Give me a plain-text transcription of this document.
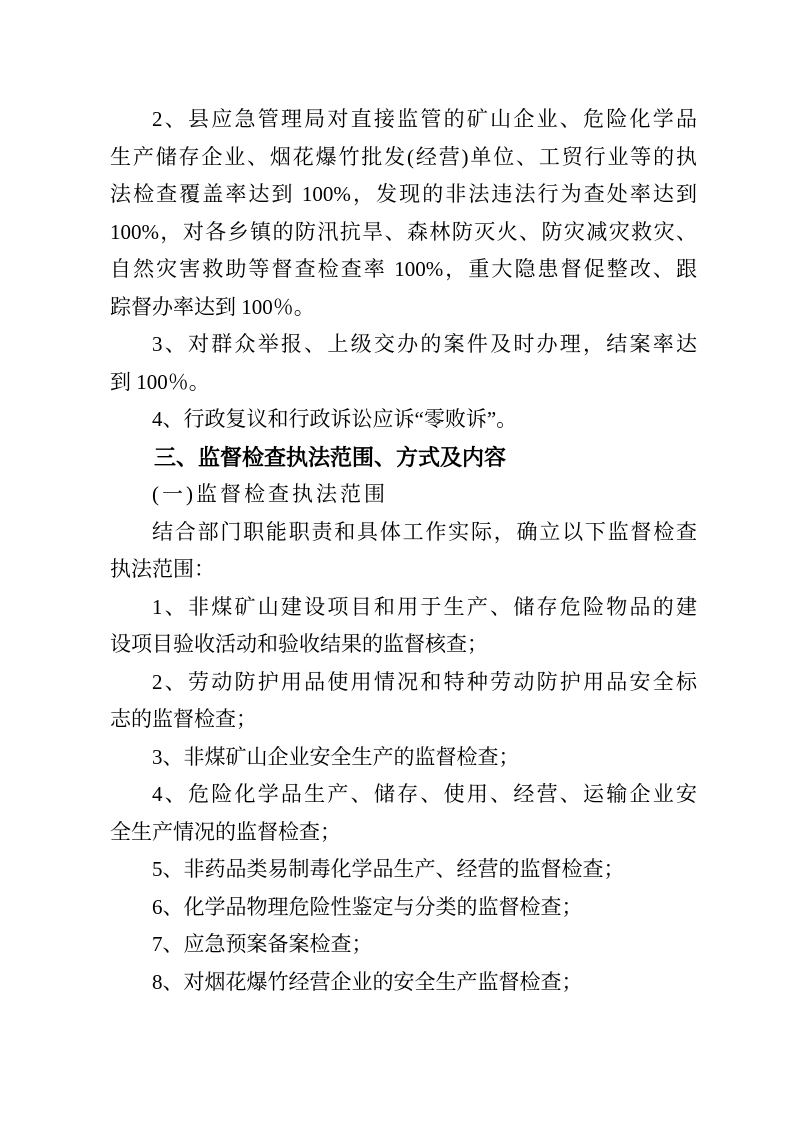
2、县应急管理局对直接监管的矿山企业、危险化学品
生产储存企业、烟花爆竹批发(经营)单位、工贸行业等的执
法检查覆盖率达到 100%，发现的非法违法行为查处率达到
100%，对各乡镇的防汛抗旱、森林防灭火、防灾减灾救灾、
自然灾害救助等督查检查率 100%，重大隐患督促整改、跟
踪督办率达到 100％。
3、对群众举报、上级交办的案件及时办理，结案率达
到 100％。
4、行政复议和行政诉讼应诉“零败诉”。
三、监督检查执法范围、方式及内容
(一)监督检查执法范围
结合部门职能职责和具体工作实际，确立以下监督检查
执法范围：
1、非煤矿山建设项目和用于生产、储存危险物品的建
设项目验收活动和验收结果的监督核查；
2、劳动防护用品使用情况和特种劳动防护用品安全标
志的监督检查；
3、非煤矿山企业安全生产的监督检查；
4、危险化学品生产、储存、使用、经营、运输企业安
全生产情况的监督检查；
5、非药品类易制毒化学品生产、经营的监督检查；
6、化学品物理危险性鉴定与分类的监督检查；
7、应急预案备案检查；
8、对烟花爆竹经营企业的安全生产监督检查；
